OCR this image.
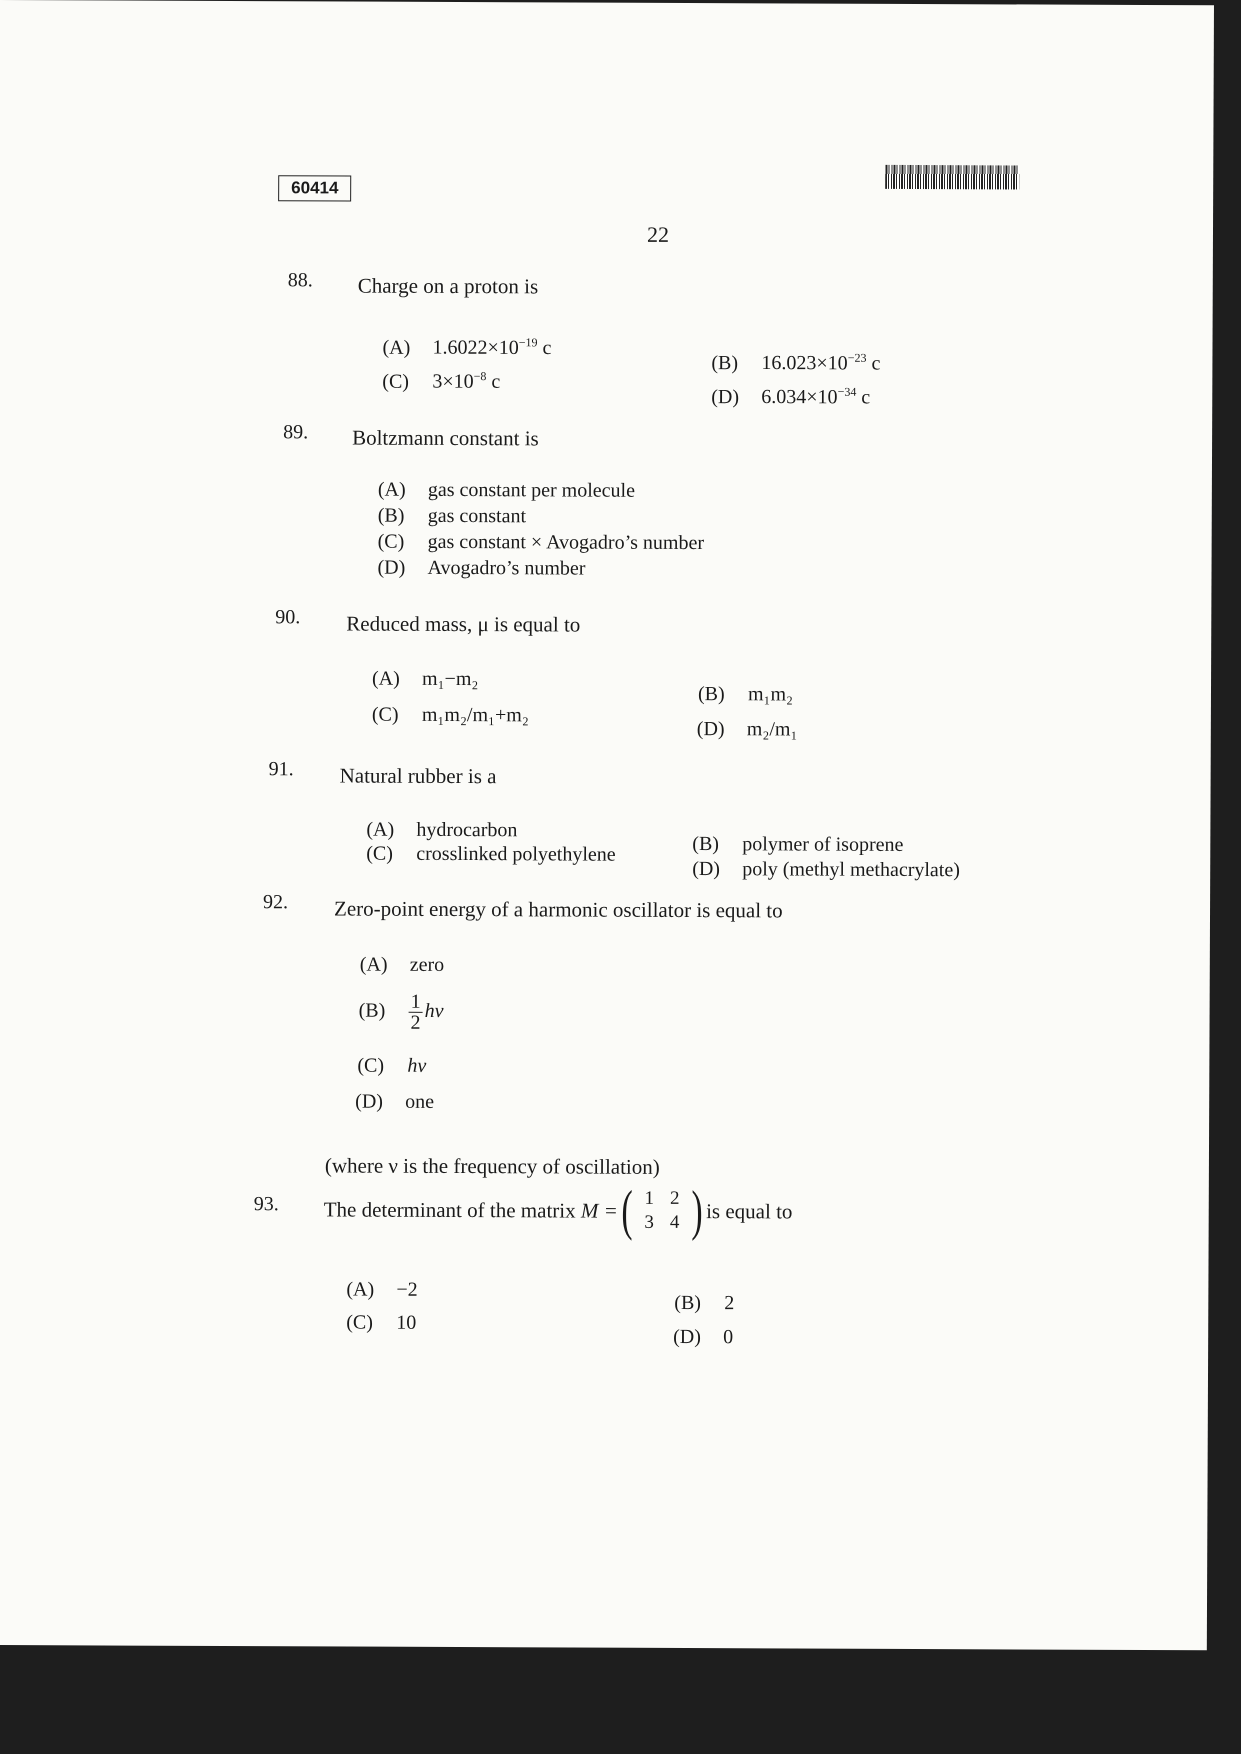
60414
22
88. Charge on a proton is
(A) $1.6022\times 10^{-19}$ c
(B) $16.023\times 10^{-23}$ c
(C) $3\times 10^{-8}$ c
(D) $6.034\times 10^{-34}$ c
89. Boltzmann constant is
(A) gas constant per molecule
(B) gas constant
(C) gas constant × Avogadro’s number
(D) Avogadro’s number
90. Reduced mass, μ is equal to
(A) m₁−m₂
(B) m₁m₂
(C) m₁m₂/m₁+m₂
(D) m₂/m₁
91. Natural rubber is a
(A) hydrocarbon
(B) polymer of isoprene
(C) crosslinked polyethylene
(D) poly (methyl methacrylate)
92. Zero-point energy of a harmonic oscillator is equal to
(A) zero
$(B) \frac{1}{2}$ hν
(C) hν
(D) one
(where ν is the frequency of oscillation)
93. The determinant of the matrix
M = ( 1	2
3	4 ) is equal to
(A) −2
(B) 2
(C) 10
(D) 0
